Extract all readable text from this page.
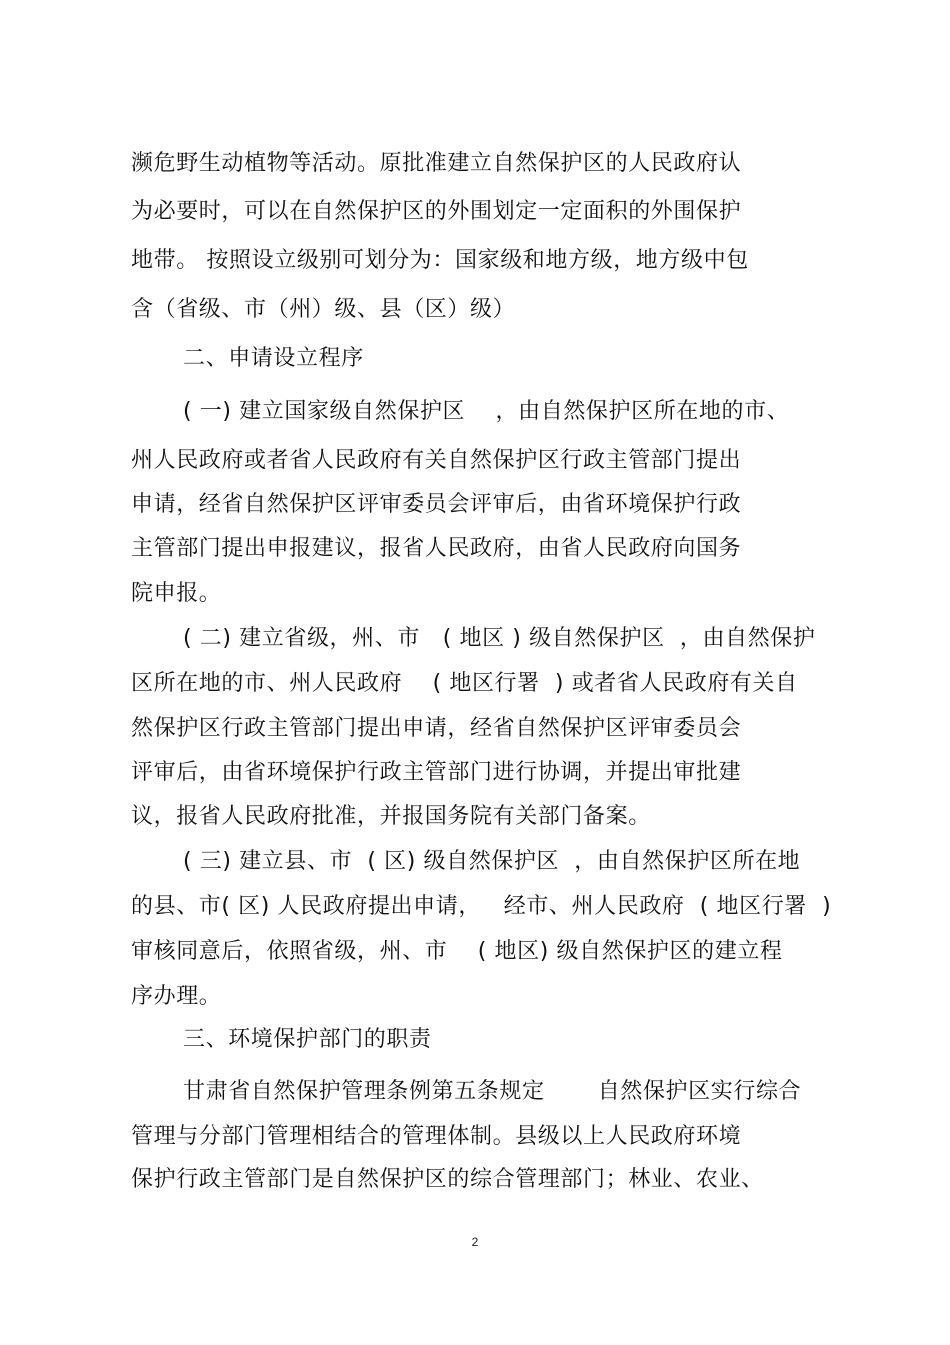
濒危野生动植物等活动。原批准建立自然保护区的人民政府认
为必要时，可以在自然保护区的外围划定一定面积的外围保护
地带。 按照设立级别可划分为：国家级和地方级，地方级中包
含（省级、市（州）级、县（区）级）
二、申请设立程序
( 一) 建立国家级自然保护区    ，由自然保护区所在地的市、
州人民政府或者省人民政府有关自然保护区行政主管部门提出
申请，经省自然保护区评审委员会评审后，由省环境保护行政
主管部门提出申报建议，报省人民政府，由省人民政府向国务
院申报。
( 二) 建立省级，州、市   ( 地区 ) 级自然保护区  ，由自然保护
区所在地的市、州人民政府    ( 地区行署  ) 或者省人民政府有关自
然保护区行政主管部门提出申请，经省自然保护区评审委员会
评审后，由省环境保护行政主管部门进行协调，并提出审批建
议，报省人民政府批准，并报国务院有关部门备案。
( 三) 建立县、市  ( 区) 级自然保护区  ，由自然保护区所在地
的县、市( 区) 人民政府提出申请，   经市、州人民政府  ( 地区行署  )
审核同意后，依照省级，州、市    ( 地区) 级自然保护区的建立程
序办理。
三、环境保护部门的职责
甘肃省自然保护管理条例第五条规定       自然保护区实行综合
管理与分部门管理相结合的管理体制。县级以上人民政府环境
保护行政主管部门是自然保护区的综合管理部门；林业、农业、
2
